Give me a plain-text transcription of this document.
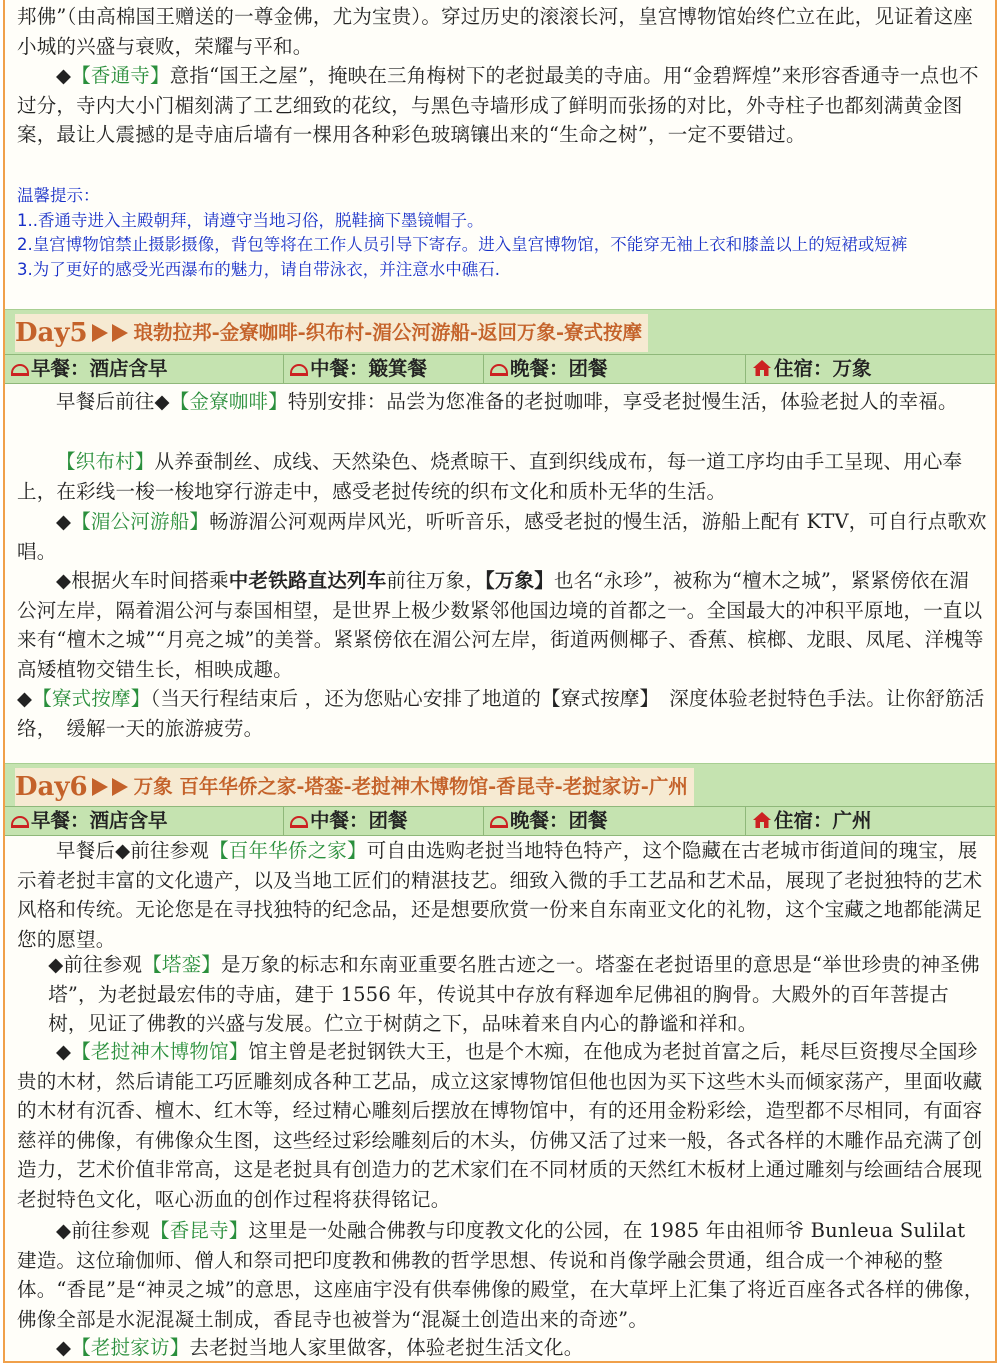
邦佛”（由高棉国王赠送的一尊金佛，尤为宝贵）。穿过历史的滚滚长河，皇宫博物馆始终伫立在此，见证着这座小城的兴盛与衰败，荣耀与平和。

◆【香通寺】意指“国王之屋”，掩映在三角梅树下的老挝最美的寺庙。用“金碧辉煌”来形容香通寺一点也不过分，寺内大小门楣刻满了工艺细致的花纹，与黑色寺墙形成了鲜明而张扬的对比，外寺柱子也都刻满黄金图案，最让人震撼的是寺庙后墙有一棵用各种彩色玻璃镶出来的“生命之树”，一定不要错过。

温馨提示：
1..香通寺进入主殿朝拜，请遵守当地习俗，脱鞋摘下墨镜帽子。
2.皇宫博物馆禁止摄影摄像，背包等将在工作人员引导下寄存。进入皇宫博物馆，不能穿无袖上衣和膝盖以上的短裙或短裤
3.为了更好的感受光西瀑布的魅力，请自带泳衣，并注意水中礁石.
Day5 琅勃拉邦-金寮咖啡-织布村-湄公河游船-返回万象-寮式按摩
早餐：酒店含早	中餐：簸箕餐	晚餐：团餐	住宿：万象

早餐后前往◆【金寮咖啡】特别安排：品尝为您准备的老挝咖啡，享受老挝慢生活，体验老挝人的幸福。

【织布村】从养蚕制丝、成线、天然染色、烧煮晾干、直到织线成布，每一道工序均由手工呈现、用心奉上，在彩线一梭一梭地穿行游走中，感受老挝传统的织布文化和质朴无华的生活。

◆【湄公河游船】畅游湄公河观两岸风光，听听音乐，感受老挝的慢生活，游船上配有 KTV，可自行点歌欢唱。

◆根据火车时间搭乘中老铁路直达列车前往万象，【万象】也名“永珍”，被称为“檀木之城”，紧紧傍依在湄公河左岸，隔着湄公河与泰国相望，是世界上极少数紧邻他国边境的首都之一。全国最大的冲积平原地，一直以来有“檀木之城”“月亮之城”的美誉。紧紧傍依在湄公河左岸，街道两侧椰子、香蕉、槟榔、龙眼、凤尾、洋槐等高矮植物交错生长，相映成趣。

◆【寮式按摩】（当天行程结束后 ，还为您贴心安排了地道的【寮式按摩】　深度体验老挝特色手法。让你舒筋活络，　缓解一天的旅游疲劳。

Day6 万象 百年华侨之家-塔銮-老挝神木博物馆-香昆寺-老挝家访-广州
早餐：酒店含早	中餐：团餐	晚餐：团餐	住宿：广州

早餐后◆前往参观【百年华侨之家】可自由选购老挝当地特色特产，这个隐藏在古老城市街道间的瑰宝，展示着老挝丰富的文化遗产，以及当地工匠们的精湛技艺。细致入微的手工艺品和艺术品，展现了老挝独特的艺术风格和传统。无论您是在寻找独特的纪念品，还是想要欣赏一份来自东南亚文化的礼物，这个宝藏之地都能满足您的愿望。

◆前往参观【塔銮】是万象的标志和东南亚重要名胜古迹之一。塔銮在老挝语里的意思是“举世珍贵的神圣佛塔”，为老挝最宏伟的寺庙，建于 1556 年，传说其中存放有释迦牟尼佛祖的胸骨。大殿外的百年菩提古树，见证了佛教的兴盛与发展。伫立于树荫之下，品味着来自内心的静谧和祥和。

◆【老挝神木博物馆】馆主曾是老挝钢铁大王，也是个木痴，在他成为老挝首富之后，耗尽巨资搜尽全国珍贵的木材，然后请能工巧匠雕刻成各种工艺品，成立这家博物馆但他也因为买下这些木头而倾家荡产，里面收藏的木材有沉香、檀木、红木等，经过精心雕刻后摆放在博物馆中，有的还用金粉彩绘，造型都不尽相同，有面容慈祥的佛像，有佛像众生图，这些经过彩绘雕刻后的木头，仿佛又活了过来一般，各式各样的木雕作品充满了创造力，艺术价值非常高，这是老挝具有创造力的艺术家们在不同材质的天然红木板材上通过雕刻与绘画结合展现老挝特色文化，呕心沥血的创作过程将获得铭记。

◆前往参观【香昆寺】这里是一处融合佛教与印度教文化的公园，在 1985 年由祖师爷 Bunleua Sulilat 建造。这位瑜伽师、僧人和祭司把印度教和佛教的哲学思想、传说和肖像学融会贯通，组合成一个神秘的整体。“香昆”是“神灵之城”的意思，这座庙宇没有供奉佛像的殿堂，在大草坪上汇集了将近百座各式各样的佛像，佛像全部是水泥混凝土制成，香昆寺也被誉为“混凝土创造出来的奇迹”。

◆【老挝家访】去老挝当地人家里做客，体验老挝生活文化。
